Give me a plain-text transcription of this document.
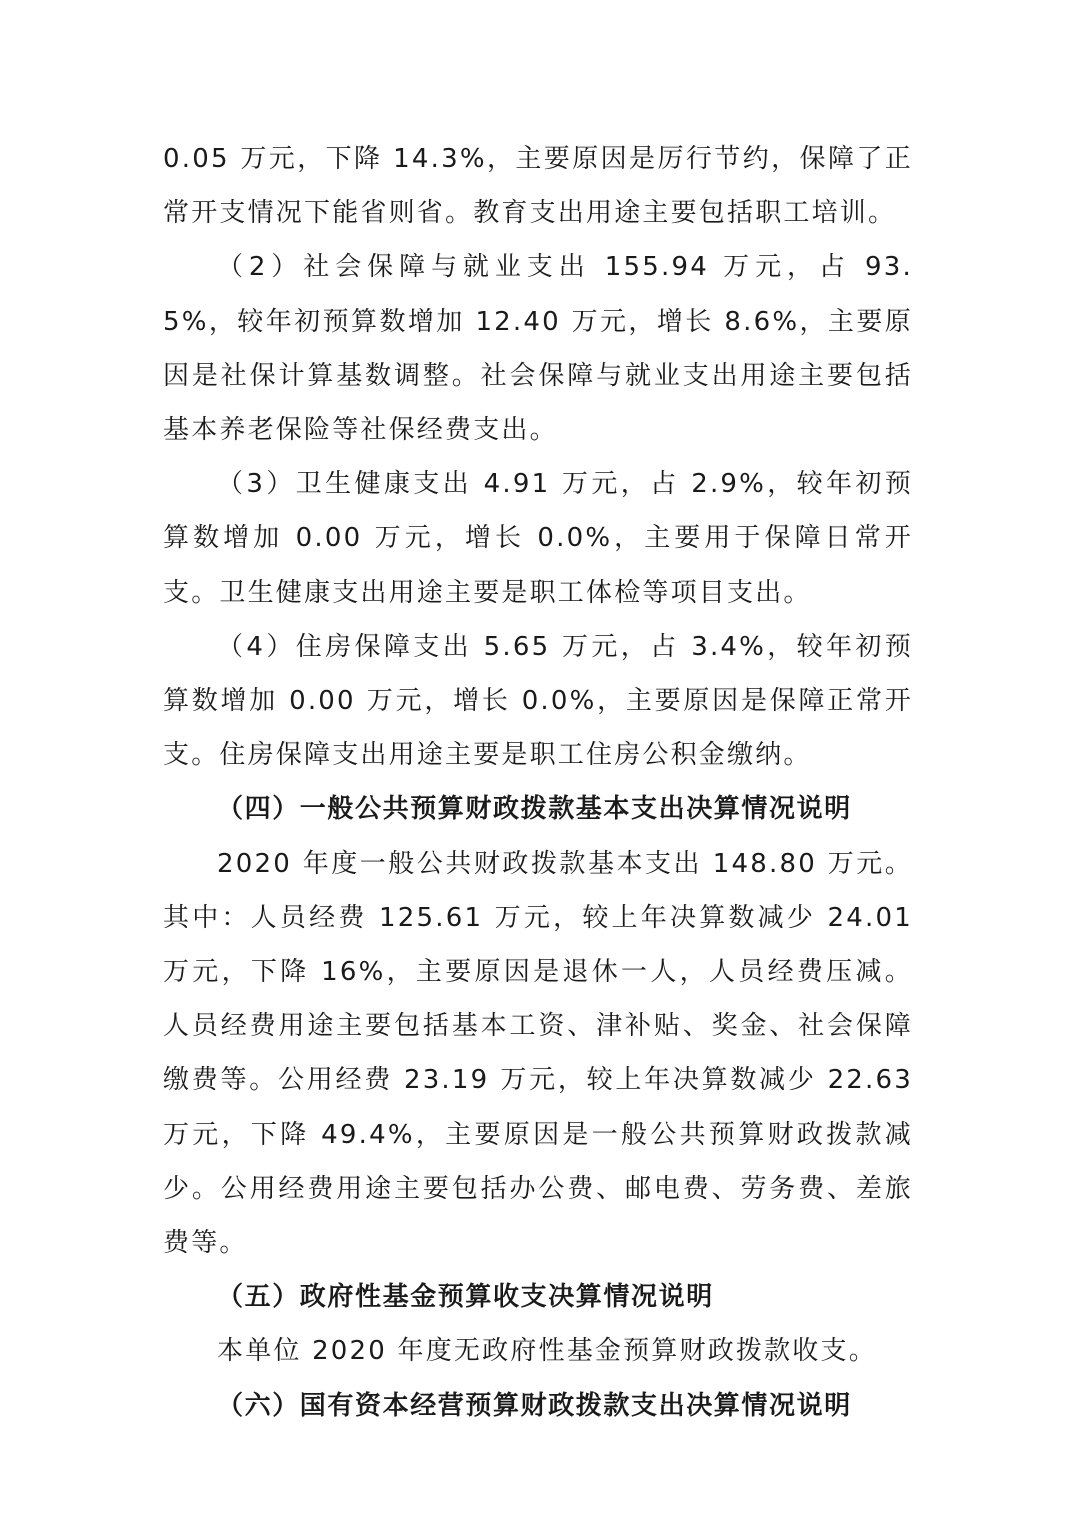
0.05 万元，下降 14.3%，主要原因是厉行节约，保障了正常开支情况下能省则省。教育支出用途主要包括职工培训。

（2）社会保障与就业支出 155.94 万元，占 93.5%，较年初预算数增加 12.40 万元，增长 8.6%，主要原因是社保计算基数调整。社会保障与就业支出用途主要包括基本养老保险等社保经费支出。

（3）卫生健康支出 4.91 万元，占 2.9%，较年初预算数增加 0.00 万元，增长 0.0%，主要用于保障日常开支。卫生健康支出用途主要是职工体检等项目支出。

（4）住房保障支出 5.65 万元，占 3.4%，较年初预算数增加 0.00 万元，增长 0.0%，主要原因是保障正常开支。住房保障支出用途主要是职工住房公积金缴纳。

（四）一般公共预算财政拨款基本支出决算情况说明

2020 年度一般公共财政拨款基本支出 148.80 万元。其中：人员经费 125.61 万元，较上年决算数减少 24.01 万元，下降 16%，主要原因是退休一人，人员经费压减。人员经费用途主要包括基本工资、津补贴、奖金、社会保障缴费等。公用经费 23.19 万元，较上年决算数减少 22.63 万元，下降 49.4%，主要原因是一般公共预算财政拨款减少。公用经费用途主要包括办公费、邮电费、劳务费、差旅费等。

（五）政府性基金预算收支决算情况说明

本单位 2020 年度无政府性基金预算财政拨款收支。

（六）国有资本经营预算财政拨款支出决算情况说明
